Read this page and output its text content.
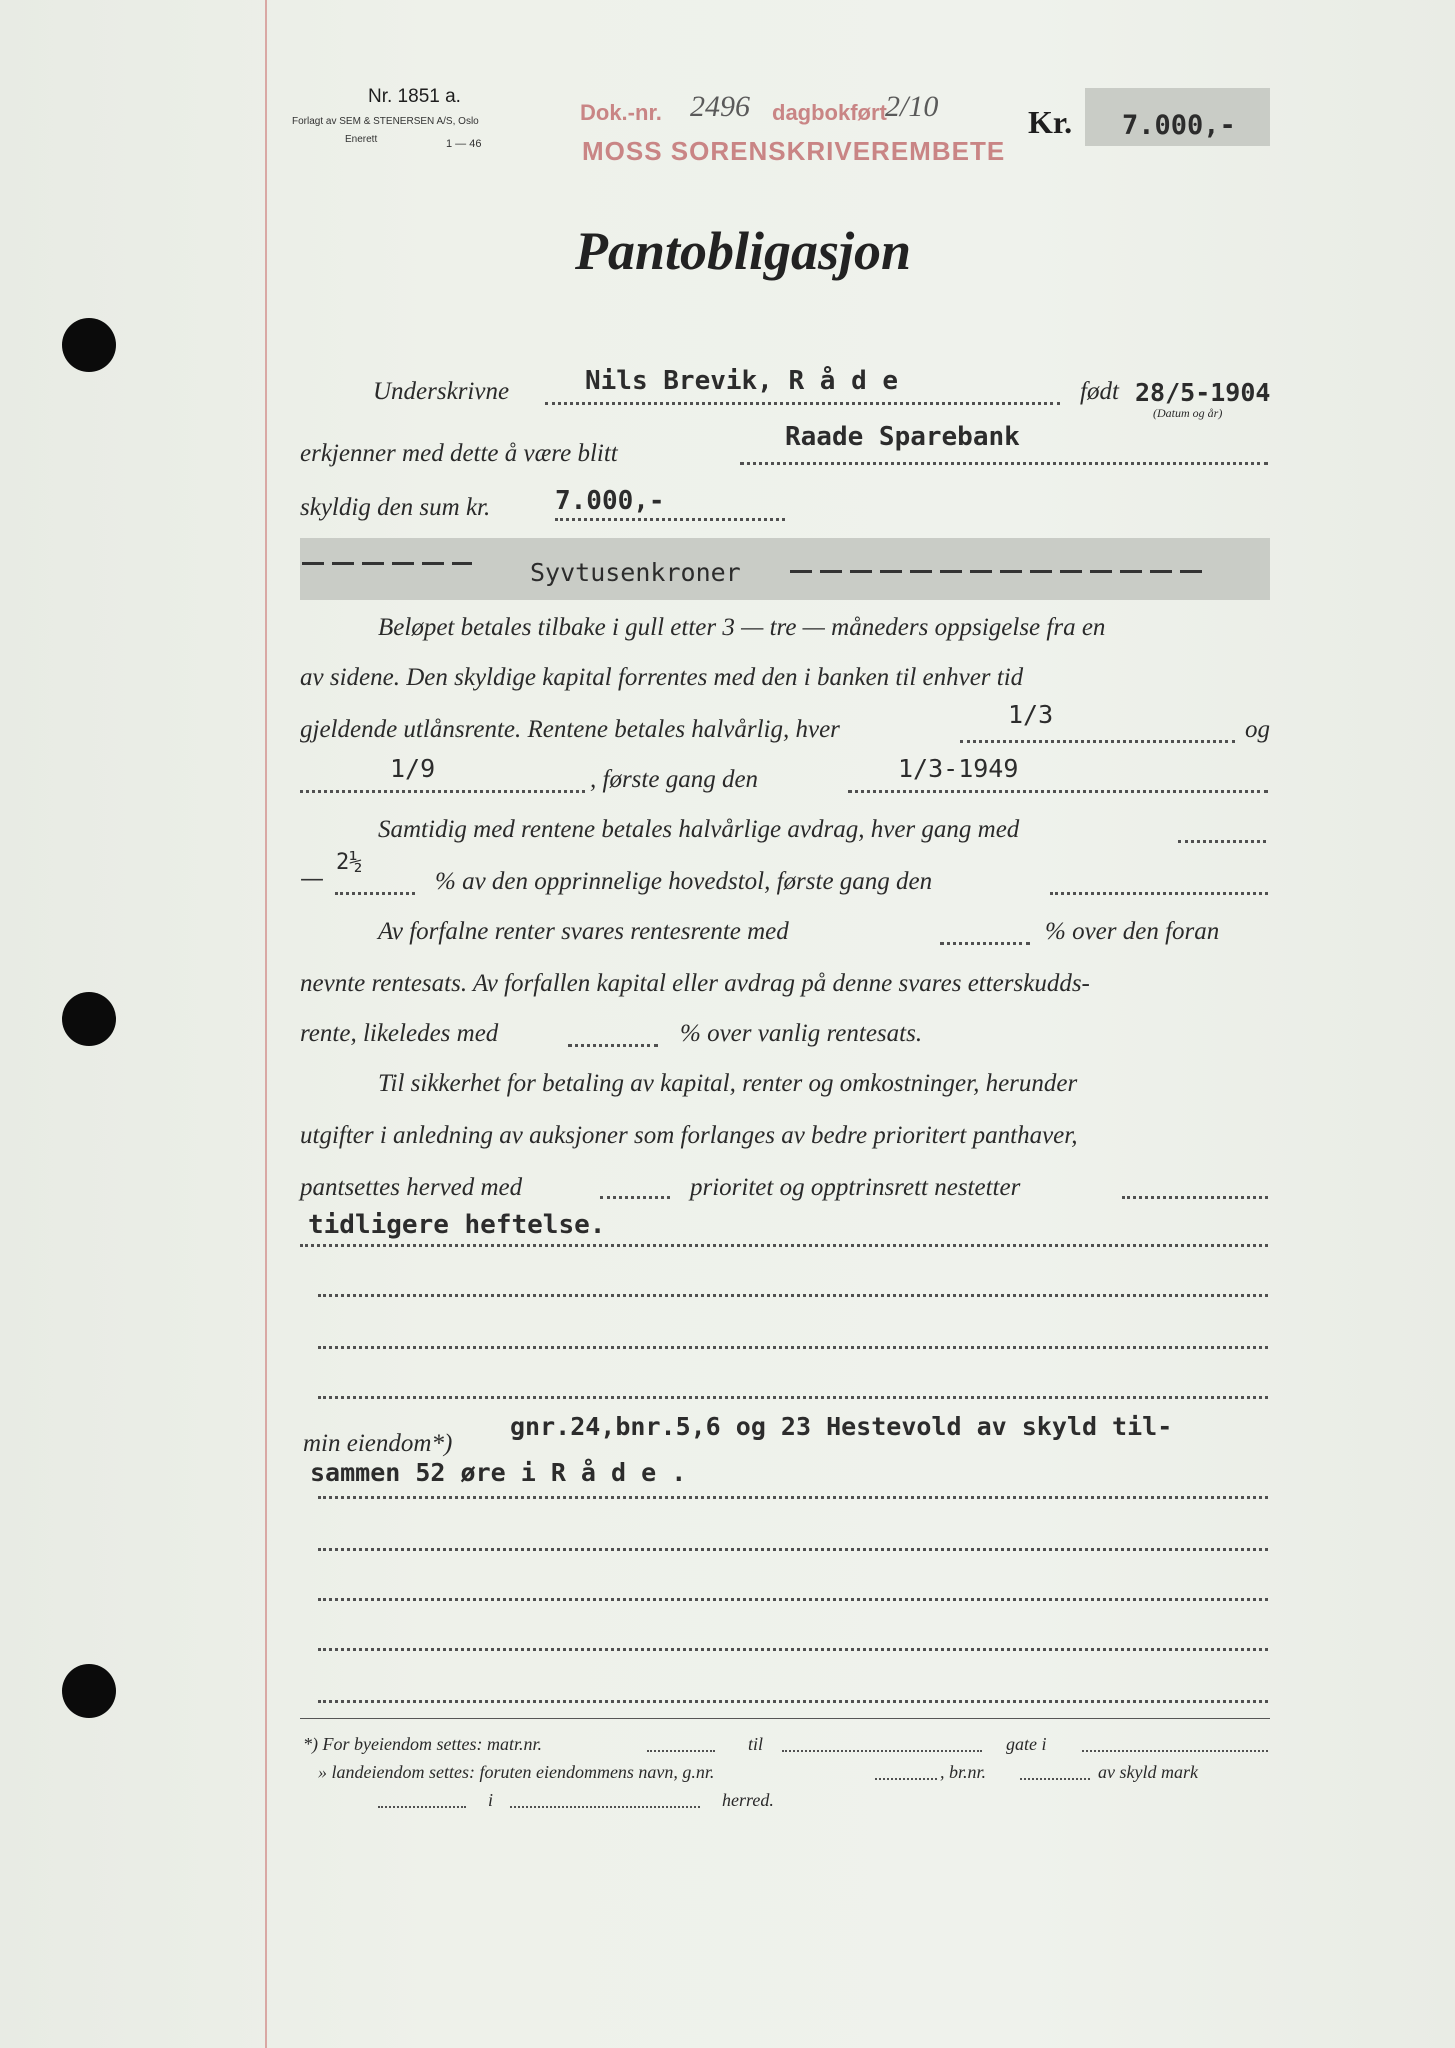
Nr. 1851 a.
Forlagt av SEM & STENERSEN A/S, Oslo
Enerett	1 — 46
Dok.-nr. 2496 dagbokført
2/10
MOSS SORENSKRIVEREMBETE
Kr. 7.000,-
Pantobligasjon
Underskrivne	Nils Brevik, R å d e	født 28/5-1904
(Datum og år)
erkjenner med dette å være blitt
Raade Sparebank
skyldig den sum kr. 7.000,-
Syvtusenkroner
Beløpet betales tilbake i gull etter 3 — tre — måneders oppsigelse fra en
av sidene. Den skyldige kapital forrentes med den i banken til enhver tid
gjeldende utlånsrente. Rentene betales halvårlig, hver
1/3
og
1/9	, første gang den	1/3-1949
Samtidig med rentene betales halvårlige avdrag, hver gang med
—
2½
% av den opprinnelige hovedstol, første gang den
Av forfalne renter svares rentesrente med	% over den foran
nevnte rentesats. Av forfallen kapital eller avdrag på denne svares etterskudds-
rente, likeledes med	% over vanlig rentesats.
Til sikkerhet for betaling av kapital, renter og omkostninger, herunder
utgifter i anledning av auksjoner som forlanges av bedre prioritert panthaver,
pantsettes herved med	prioritet og opptrinsrett nestetter
tidligere heftelse.
min eiendom*)
gnr.24,bnr.5,6 og 23 Hestevold av skyld til-
sammen 52 øre i R å d e .
*) For byeiendom settes: matr.nr.	til	gate i
» landeiendom settes: foruten eiendommens navn, g.nr.	, br.nr.	av skyld mark
i	herred.
